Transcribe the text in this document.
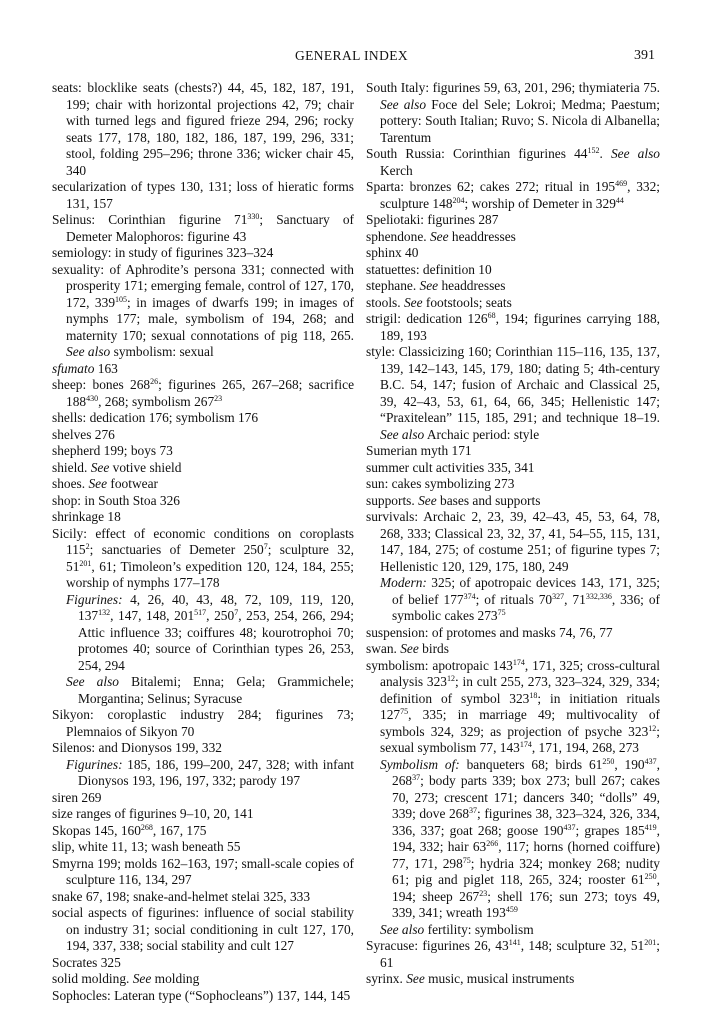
GENERAL INDEX	391

seats: blocklike seats (chests?) 44, 45, 182, 187, 191, 199; chair with horizontal projections 42, 79; chair with turned legs and figured frieze 294, 296; rocky seats 177, 178, 180, 182, 186, 187, 199, 296, 331; stool, folding 295–296; throne 336; wicker chair 45, 340

secularization of types 130, 131; loss of hieratic forms 131, 157

Selinus: Corinthian figurine $71^{330}$; Sanctuary of Demeter Malophoros: figurine 43

semiology: in study of figurines 323–324

sexuality: of Aphrodite’s persona 331; connected with prosperity 171; emerging female, control of 127, 170, 172, $339^{105}$; in images of dwarfs 199; in images of nymphs 177; male, symbolism of 194, 268; and maternity 170; sexual connotations of pig 118, 265. See also symbolism: sexual

sfumato 163

sheep: bones $268^{26}$; figurines 265, 267–268; sacrifice $188^{430}$, 268; symbolism $267^{23}$

shells: dedication 176; symbolism 176

shelves 276

shepherd 199; boys 73

shield. See votive shield

shoes. See footwear

shop: in South Stoa 326

shrinkage 18

Sicily: effect of economic conditions on coroplasts $115^2$; sanctuaries of Demeter $250^7$; sculpture 32, $51^{201}$, 61; Timoleon’s expedition 120, 124, 184, 255; worship of nymphs 177–178

Figurines: 4, 26, 40, 43, 48, 72, 109, 119, 120, $137^{132}$, 147, 148, $201^{517}$, $250^7$, 253, 254, 266, 294; Attic influence 33; coiffures 48; kourotrophoi 70; protomes 40; source of Corinthian types 26, 253, 254, 294

See also Bitalemi; Enna; Gela; Grammichele; Morgantina; Selinus; Syracuse

Sikyon: coroplastic industry 284; figurines 73; Plemnaios of Sikyon 70

Silenos: and Dionysos 199, 332

Figurines: 185, 186, 199–200, 247, 328; with infant Dionysos 193, 196, 197, 332; parody 197

siren 269

size ranges of figurines 9–10, 20, 141

Skopas 145, $160^{268}$, 167, 175

slip, white 11, 13; wash beneath 55

Smyrna 199; molds 162–163, 197; small-scale copies of sculpture 116, 134, 297

snake 67, 198; snake-and-helmet stelai 325, 333

social aspects of figurines: influence of social stability on industry 31; social conditioning in cult 127, 170, 194, 337, 338; social stability and cult 127

Socrates 325

solid molding. See molding

Sophocles: Lateran type (“Sophocleans”) 137, 144, 145

South Italy: figurines 59, 63, 201, 296; thymiateria 75. See also Foce del Sele; Lokroi; Medma; Paestum; pottery: South Italian; Ruvo; S. Nicola di Albanella; Tarentum

South Russia: Corinthian figurines $44^{152}$. See also Kerch

Sparta: bronzes 62; cakes 272; ritual in $195^{469}$, 332; sculpture $148^{204}$; worship of Demeter in $329^{44}$

Speliotaki: figurines 287

sphendone. See headdresses

sphinx 40

statuettes: definition 10

stephane. See headdresses

stools. See footstools; seats

strigil: dedication $126^{68}$, 194; figurines carrying 188, 189, 193

style: Classicizing 160; Corinthian 115–116, 135, 137, 139, 142–143, 145, 179, 180; dating 5; 4th-century B.C. 54, 147; fusion of Archaic and Classical 25, 39, 42–43, 53, 61, 64, 66, 345; Hellenistic 147; “Praxitelean” 115, 185, 291; and technique 18–19. See also Archaic period: style

Sumerian myth 171

summer cult activities 335, 341

sun: cakes symbolizing 273

supports. See bases and supports

survivals: Archaic 2, 23, 39, 42–43, 45, 53, 64, 78, 268, 333; Classical 23, 32, 37, 41, 54–55, 115, 131, 147, 184, 275; of costume 251; of figurine types 7; Hellenistic 120, 129, 175, 180, 249

Modern: 325; of apotropaic devices 143, 171, 325; of belief $177^{374}$; of rituals $70^{327}$, 71$^{332,336}$, 336; of symbolic cakes $273^{75}$

suspension: of protomes and masks 74, 76, 77

swan. See birds

symbolism: apotropaic $143^{174}$, 171, 325; cross-cultural analysis $323^{12}$; in cult 255, 273, 323–324, 329, 334; definition of symbol $323^{18}$; in initiation rituals $127^{75}$, 335; in marriage 49; multivocality of symbols 324, 329; as projection of psyche $323^{12}$; sexual symbolism 77, $143^{174}$, 171, 194, 268, 273

Symbolism of: banqueters 68; birds $61^{250}$, $190^{437}$, $268^{37}$; body parts 339; box 273; bull 267; cakes 70, 273; crescent 171; dancers 340; “dolls” 49, 339; dove $268^{37}$; figurines 38, 323–324, 326, 334, 336, 337; goat 268; goose $190^{437}$; grapes $185^{419}$, 194, 332; hair $63^{266}$, 117; horns (horned coiffure) 77, 171, $298^{75}$; hydria 324; monkey 268; nudity 61; pig and piglet 118, 265, 324; rooster $61^{250}$, 194; sheep $267^{23}$; shell 176; sun 273; toys 49, 339, 341; wreath $193^{459}$

See also fertility: symbolism

Syracuse: figurines 26, $43^{141}$, 148; sculpture 32, $51^{201}$; 61

syrinx. See music, musical instruments
